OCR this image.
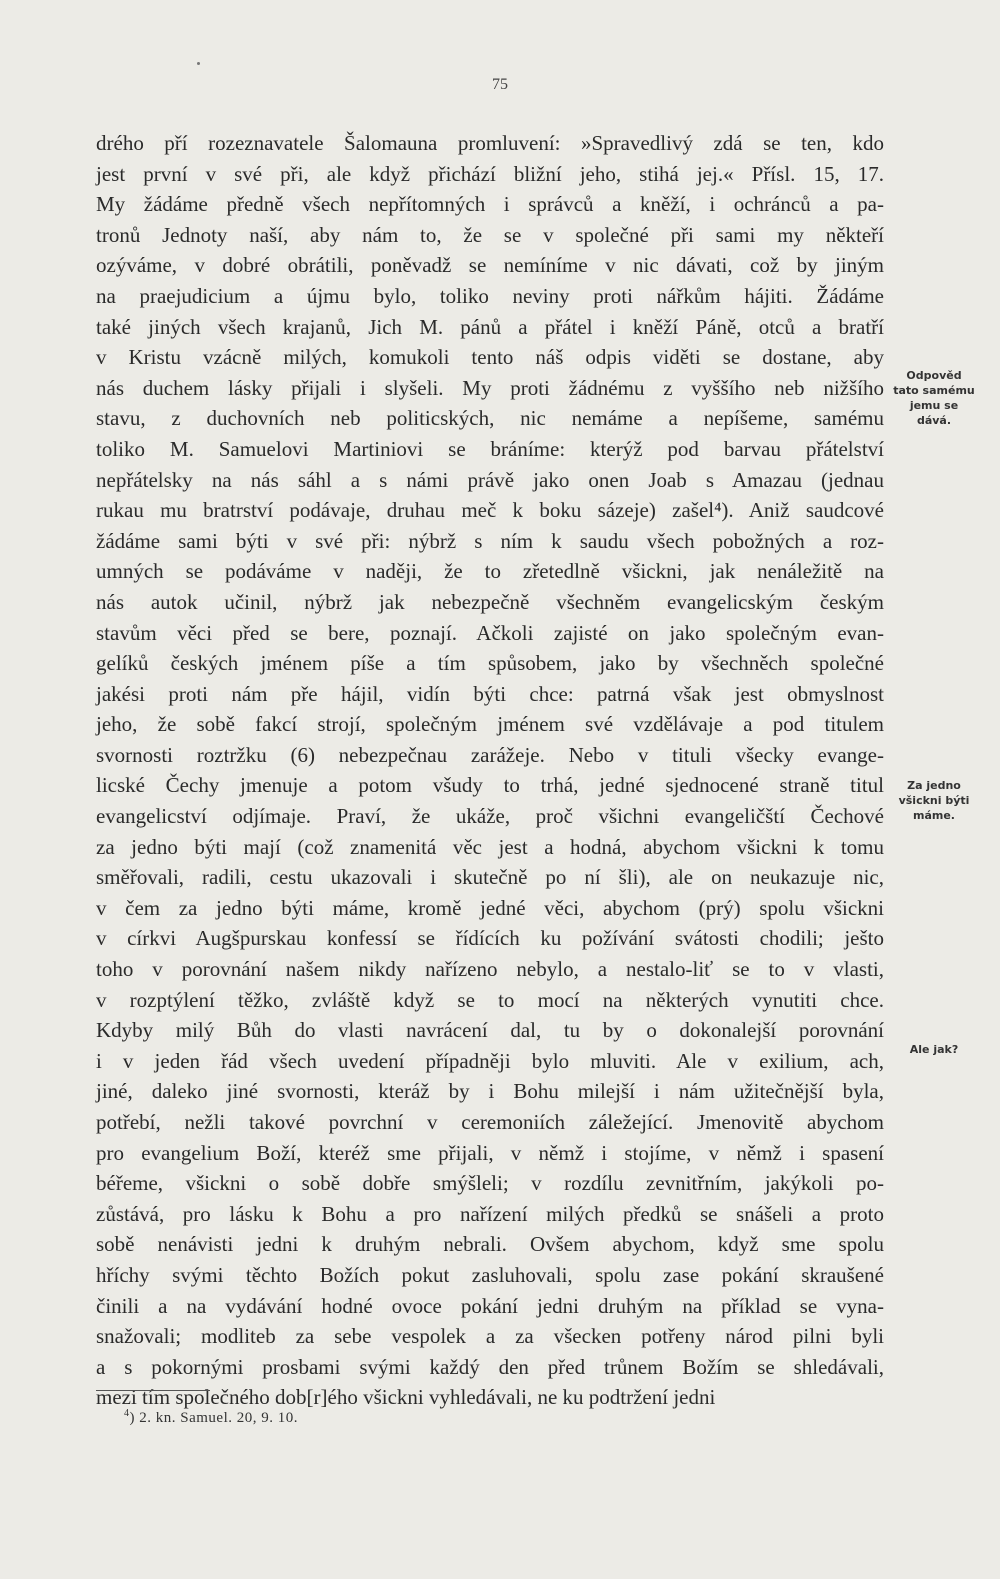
75
drého pří rozeznavatele Šalomauna promluvení: »Spravedlivý zdá se ten, kdo
jest první v své při, ale když přichází bližní jeho, stihá jej.« Přísl. 15, 17.
My žádáme předně všech nepřítomných i správců a kněží, i ochránců a pa-
tronů Jednoty naší, aby nám to, že se v společné při sami my někteří
ozýváme, v dobré obrátili, poněvadž se nemíníme v nic dávati, což by jiným
na praejudicium a újmu bylo, toliko neviny proti nářkům hájiti. Žádáme
také jiných všech krajanů, Jich M. pánů a přátel i kněží Páně, otců a bratří
v Kristu vzácně milých, komukoli tento náš odpis viděti se dostane, aby
nás duchem lásky přijali i slyšeli. My proti žádnému z vyššího neb nižšího
stavu, z duchovních neb politicských, nic nemáme a nepíšeme, samému
toliko M. Samuelovi Martiniovi se bráníme: kterýž pod barvau přátelství
nepřátelsky na nás sáhl a s námi právě jako onen Joab s Amazau (jednau
rukau mu bratrství podávaje, druhau meč k boku sázeje) zašel⁴). Aniž saudcové
žádáme sami býti v své při: nýbrž s ním k saudu všech pobožných a roz-
umných se podáváme v naději, že to zřetedlně všickni, jak nenáležitě na
nás autok učinil, nýbrž jak nebezpečně všechněm evangelicským českým
stavům věci před se bere, poznají. Ačkoli zajisté on jako společným evan-
gelíků českých jménem píše a tím spůsobem, jako by všechněch společné
jakési proti nám pře hájil, vidín býti chce: patrná však jest obmyslnost
jeho, že sobě fakcí strojí, společným jménem své vzdělávaje a pod titulem
svornosti roztržku (6) nebezpečnau zarážeje. Nebo v tituli všecky evange-
licské Čechy jmenuje a potom všudy to trhá, jedné sjednocené straně titul
evangelicství odjímaje. Praví, že ukáže, proč všichni evangeličští Čechové
za jedno býti mají (což znamenitá věc jest a hodná, abychom všickni k tomu
směřovali, radili, cestu ukazovali i skutečně po ní šli), ale on neukazuje nic,
v čem za jedno býti máme, kromě jedné věci, abychom (prý) spolu všickni
v církvi Augšpurskau konfessí se řídících ku požívání svátosti chodili; ješto
toho v porovnání našem nikdy nařízeno nebylo, a nestalo-liť se to v vlasti,
v rozptýlení těžko, zvláště když se to mocí na některých vynutiti chce.
Kdyby milý Bůh do vlasti navrácení dal, tu by o dokonalejší porovnání
i v jeden řád všech uvedení případněji bylo mluviti. Ale v exilium, ach,
jiné, daleko jiné svornosti, kteráž by i Bohu milejší i nám užitečnější byla,
potřebí, nežli takové povrchní v ceremoniích záležející. Jmenovitě abychom
pro evangelium Boží, kteréž sme přijali, v němž i stojíme, v němž i spasení
béřeme, všickni o sobě dobře smýšleli; v rozdílu zevnitřním, jakýkoli po-
zůstává, pro lásku k Bohu a pro nařízení milých předků se snášeli a proto
sobě nenávisti jedni k druhým nebrali. Ovšem abychom, když sme spolu
hříchy svými těchto Božích pokut zasluhovali, spolu zase pokání skraušené
činili a na vydávání hodné ovoce pokání jedni druhým na příklad se vyna-
snažovali; modliteb za sebe vespolek a za všecken potřeny národ pilni byli
a s pokornými prosbami svými každý den před trůnem Božím se shledávali,
mezi tím společného dob[r]ého všickni vyhledávali, ne ku podtržení jedni
Odpověd
tato samému
jemu se
dává.
Za jedno
všickni býti
máme.
Ale jak?
$^4$) 2. kn. Samuel. 20, 9. 10.
